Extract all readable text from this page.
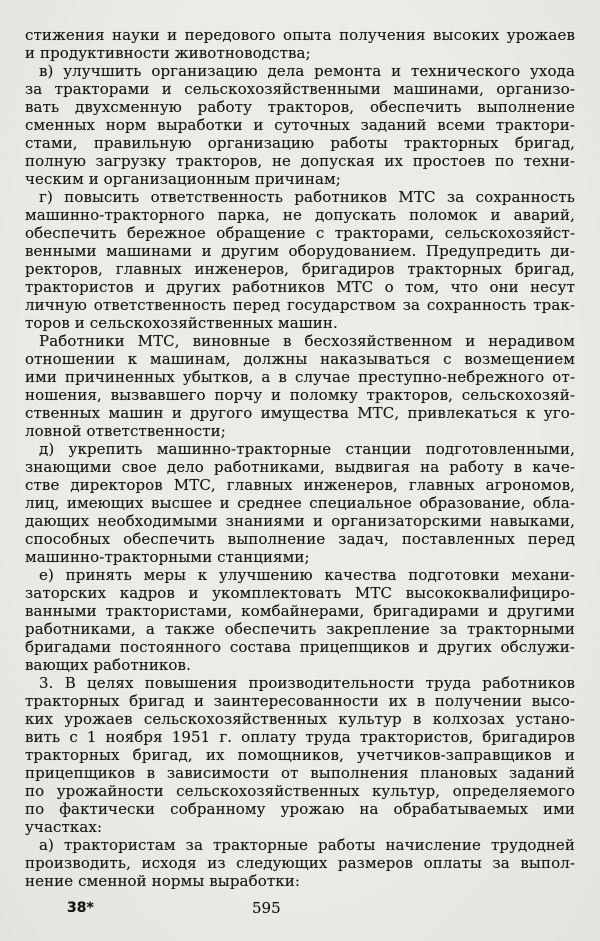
стижения науки и передового опыта получения высоких урожаев
и продуктивности животноводства;
в) улучшить организацию дела ремонта и технического ухода
за тракторами и сельскохозяйственными машинами, организо-
вать двухсменную работу тракторов, обеспечить выполнение
сменных норм выработки и суточных заданий всеми трактори-
стами, правильную организацию работы тракторных бригад,
полную загрузку тракторов, не допуская их простоев по техни-
ческим и организационным причинам;
г) повысить ответственность работников МТС за сохранность
машинно-тракторного парка, не допускать поломок и аварий,
обеспечить бережное обращение с тракторами, сельскохозяйст-
венными машинами и другим оборудованием. Предупредить ди-
ректоров, главных инженеров, бригадиров тракторных бригад,
трактористов и других работников МТС о том, что они несут
личную ответственность перед государством за сохранность трак-
торов и сельскохозяйственных машин.
Работники МТС, виновные в бесхозяйственном и нерадивом
отношении к машинам, должны наказываться с возмещением
ими причиненных убытков, а в случае преступно-небрежного от-
ношения, вызвавшего порчу и поломку тракторов, сельскохозяй-
ственных машин и другого имущества МТС, привлекаться к уго-
ловной ответственности;
д) укрепить машинно-тракторные станции подготовленными,
знающими свое дело работниками, выдвигая на работу в каче-
стве директоров МТС, главных инженеров, главных агрономов,
лиц, имеющих высшее и среднее специальное образование, обла-
дающих необходимыми знаниями и организаторскими навыками,
способных обеспечить выполнение задач, поставленных перед
машинно-тракторными станциями;
е) принять меры к улучшению качества подготовки механи-
заторских кадров и укомплектовать МТС высококвалифициро-
ванными трактористами, комбайнерами, бригадирами и другими
работниками, а также обеспечить закрепление за тракторными
бригадами постоянного состава прицепщиков и других обслужи-
вающих работников.
3. В целях повышения производительности труда работников
тракторных бригад и заинтересованности их в получении высо-
ких урожаев сельскохозяйственных культур в колхозах устано-
вить с 1 ноября 1951 г. оплату труда трактористов, бригадиров
тракторных бригад, их помощников, учетчиков-заправщиков и
прицепщиков в зависимости от выполнения плановых заданий
по урожайности сельскохозяйственных культур, определяемого
по фактически собранному урожаю на обрабатываемых ими
участках:
а) трактористам за тракторные работы начисление трудодней
производить, исходя из следующих размеров оплаты за выпол-
нение сменной нормы выработки:
38*	595
